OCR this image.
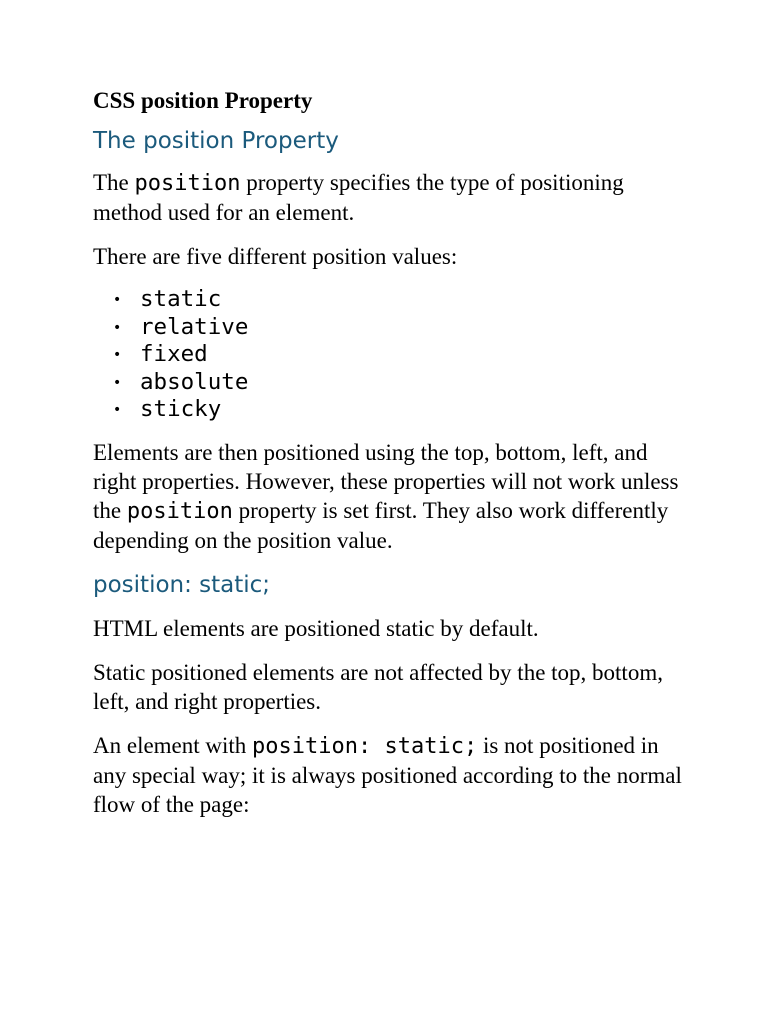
CSS position Property
The position Property

The position property specifies the type of positioning method used for an element.

There are five different position values:

• static
• relative
• fixed
• absolute
• sticky

Elements are then positioned using the top, bottom, left, and right properties. However, these properties will not work unless the position property is set first. They also work differently depending on the position value.

position: static;

HTML elements are positioned static by default.

Static positioned elements are not affected by the top, bottom, left, and right properties.

An element with position: static; is not positioned in any special way; it is always positioned according to the normal flow of the page:
